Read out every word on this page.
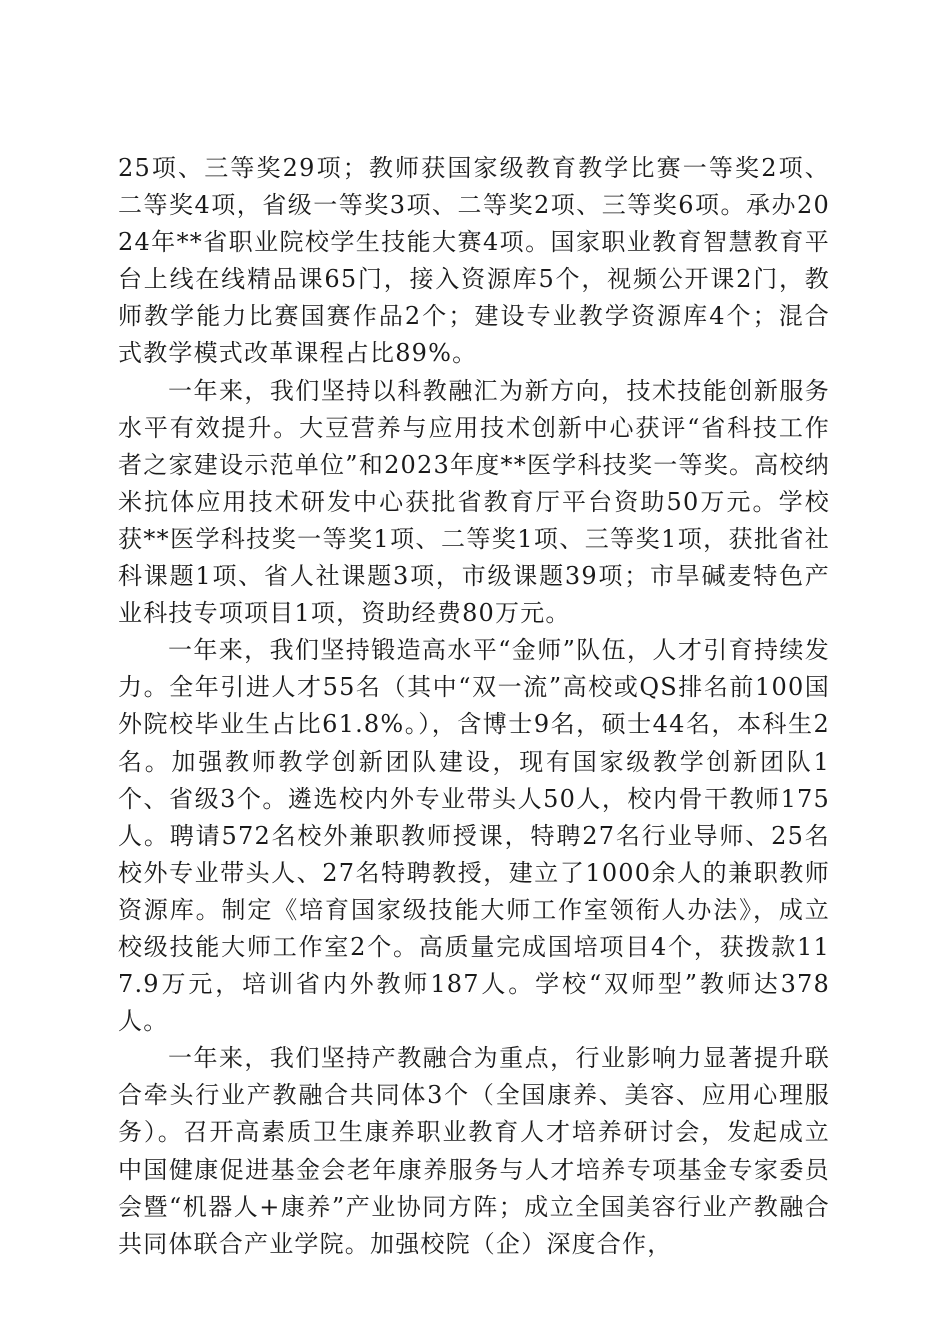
25项、三等奖29项；教师获国家级教育教学比赛一等奖2项、二等奖4项，省级一等奖3项、二等奖2项、三等奖6项。承办2024年**省职业院校学生技能大赛4项。国家职业教育智慧教育平台上线在线精品课65门，接入资源库5个，视频公开课2门，教师教学能力比赛国赛作品2个；建设专业教学资源库4个；混合式教学模式改革课程占比89%。

一年来，我们坚持以科教融汇为新方向，技术技能创新服务水平有效提升。大豆营养与应用技术创新中心获评“省科技工作者之家建设示范单位”和2023年度**医学科技奖一等奖。高校纳米抗体应用技术研发中心获批省教育厅平台资助50万元。学校获**医学科技奖一等奖1项、二等奖1项、三等奖1项，获批省社科课题1项、省人社课题3项，市级课题39项；市旱碱麦特色产业科技专项项目1项，资助经费80万元。

一年来，我们坚持锻造高水平“金师”队伍，人才引育持续发力。全年引进人才55名（其中“双一流”高校或QS排名前100国外院校毕业生占比61.8%。），含博士9名，硕士44名，本科生2名。加强教师教学创新团队建设，现有国家级教学创新团队1个、省级3个。遴选校内外专业带头人50人，校内骨干教师175人。聘请572名校外兼职教师授课，特聘27名行业导师、25名校外专业带头人、27名特聘教授，建立了1000余人的兼职教师资源库。制定《培育国家级技能大师工作室领衔人办法》，成立校级技能大师工作室2个。高质量完成国培项目4个，获拨款117.9万元，培训省内外教师187人。学校“双师型”教师达378人。

一年来，我们坚持产教融合为重点，行业影响力显著提升联合牵头行业产教融合共同体3个（全国康养、美容、应用心理服务）。召开高素质卫生康养职业教育人才培养研讨会，发起成立中国健康促进基金会老年康养服务与人才培养专项基金专家委员会暨“机器人+康养”产业协同方阵；成立全国美容行业产教融合共同体联合产业学院。加强校院（企）深度合作，
